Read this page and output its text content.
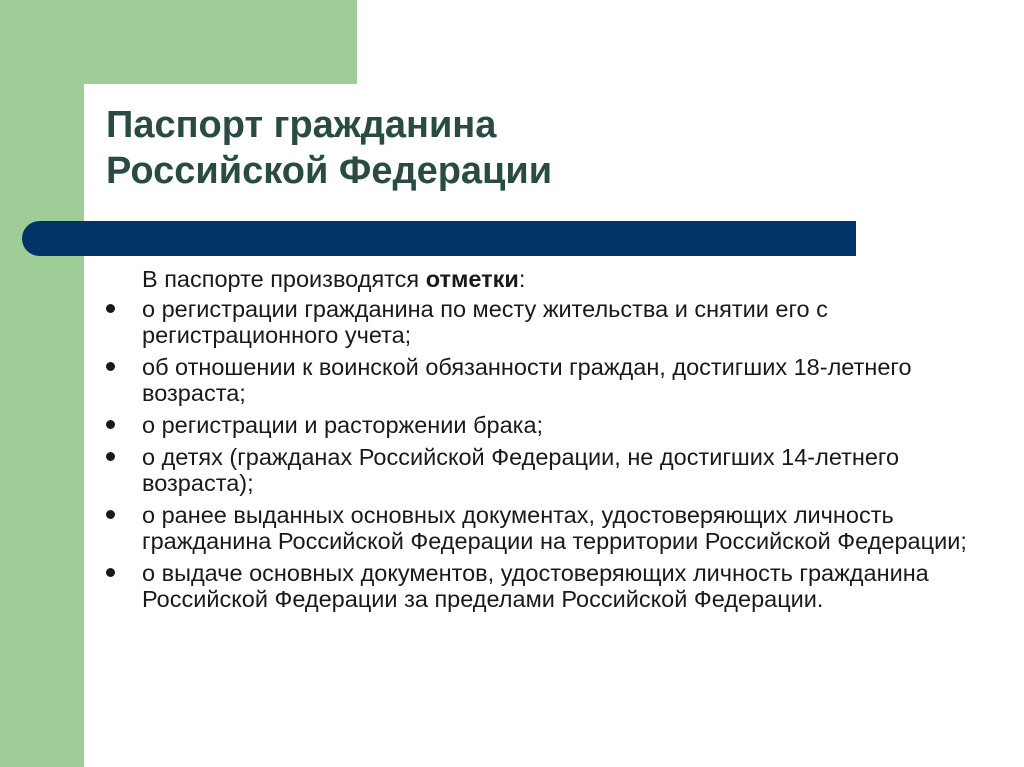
Паспорт гражданина
Российской Федерации

В паспорте производятся отметки:

о регистрации гражданина по месту жительства и снятии его с регистрационного учета;
об отношении к воинской обязанности граждан, достигших 18-летнего возраста;
о регистрации и расторжении брака;
о детях (гражданах Российской Федерации, не достигших 14-летнего возраста);
о ранее выданных основных документах, удостоверяющих личность гражданина Российской Федерации на территории Российской Федерации;
о выдаче основных документов, удостоверяющих личность гражданина Российской Федерации за пределами Российской Федерации.
